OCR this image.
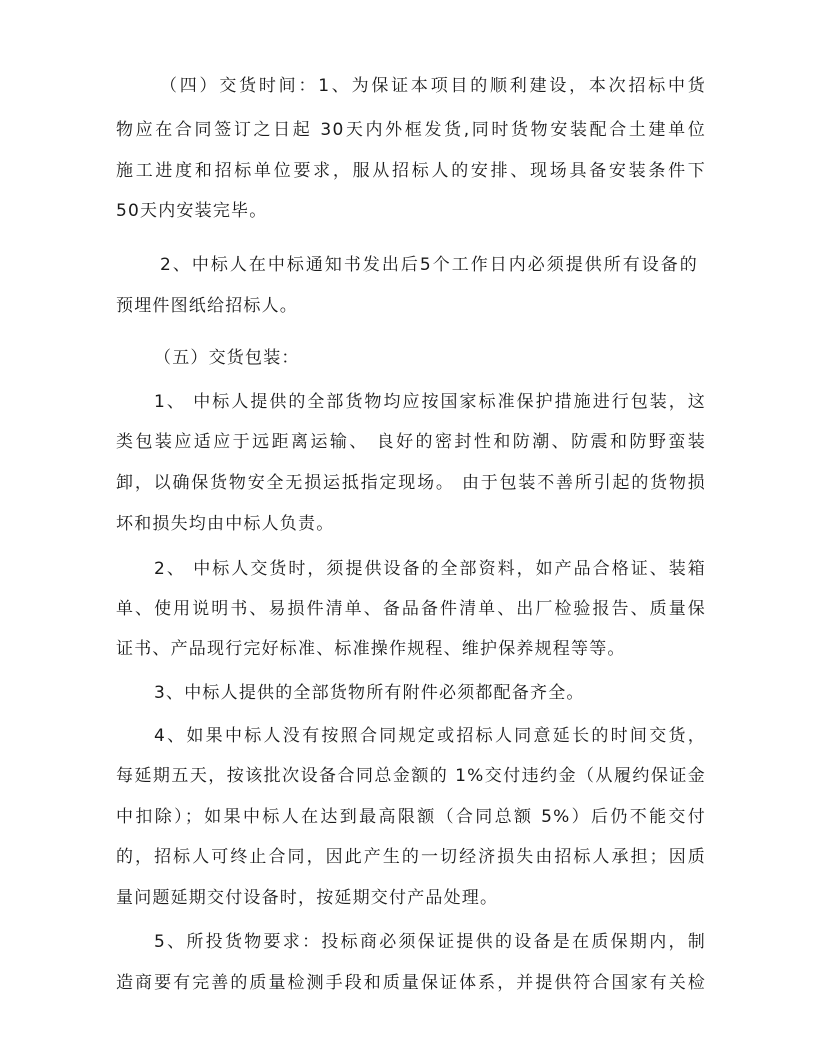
（四）交货时间：1、为保证本项目的顺利建设，本次招标中货
物应在合同签订之日起 30天内外框发货,同时货物安装配合土建单位
施工进度和招标单位要求，服从招标人的安排、现场具备安装条件下
50天内安装完毕。
2、中标人在中标通知书发出后5个工作日内必须提供所有设备的
预埋件图纸给招标人。
（五）交货包装：
1、 中标人提供的全部货物均应按国家标准保护措施进行包装，这
类包装应适应于远距离运输、 良好的密封性和防潮、防震和防野蛮装
卸，以确保货物安全无损运抵指定现场。 由于包装不善所引起的货物损
坏和损失均由中标人负责。
2、 中标人交货时，须提供设备的全部资料，如产品合格证、装箱
单、使用说明书、易损件清单、备品备件清单、出厂检验报告、质量保
证书、产品现行完好标准、标准操作规程、维护保养规程等等。
3、中标人提供的全部货物所有附件必须都配备齐全。
4、如果中标人没有按照合同规定或招标人同意延长的时间交货，
每延期五天，按该批次设备合同总金额的 1%交付违约金（从履约保证金
中扣除）；如果中标人在达到最高限额（合同总额 5%）后仍不能交付
的，招标人可终止合同，因此产生的一切经济损失由招标人承担；因质
量问题延期交付设备时，按延期交付产品处理。
5、所投货物要求：投标商必须保证提供的设备是在质保期内，制
造商要有完善的质量检测手段和质量保证体系，并提供符合国家有关检
